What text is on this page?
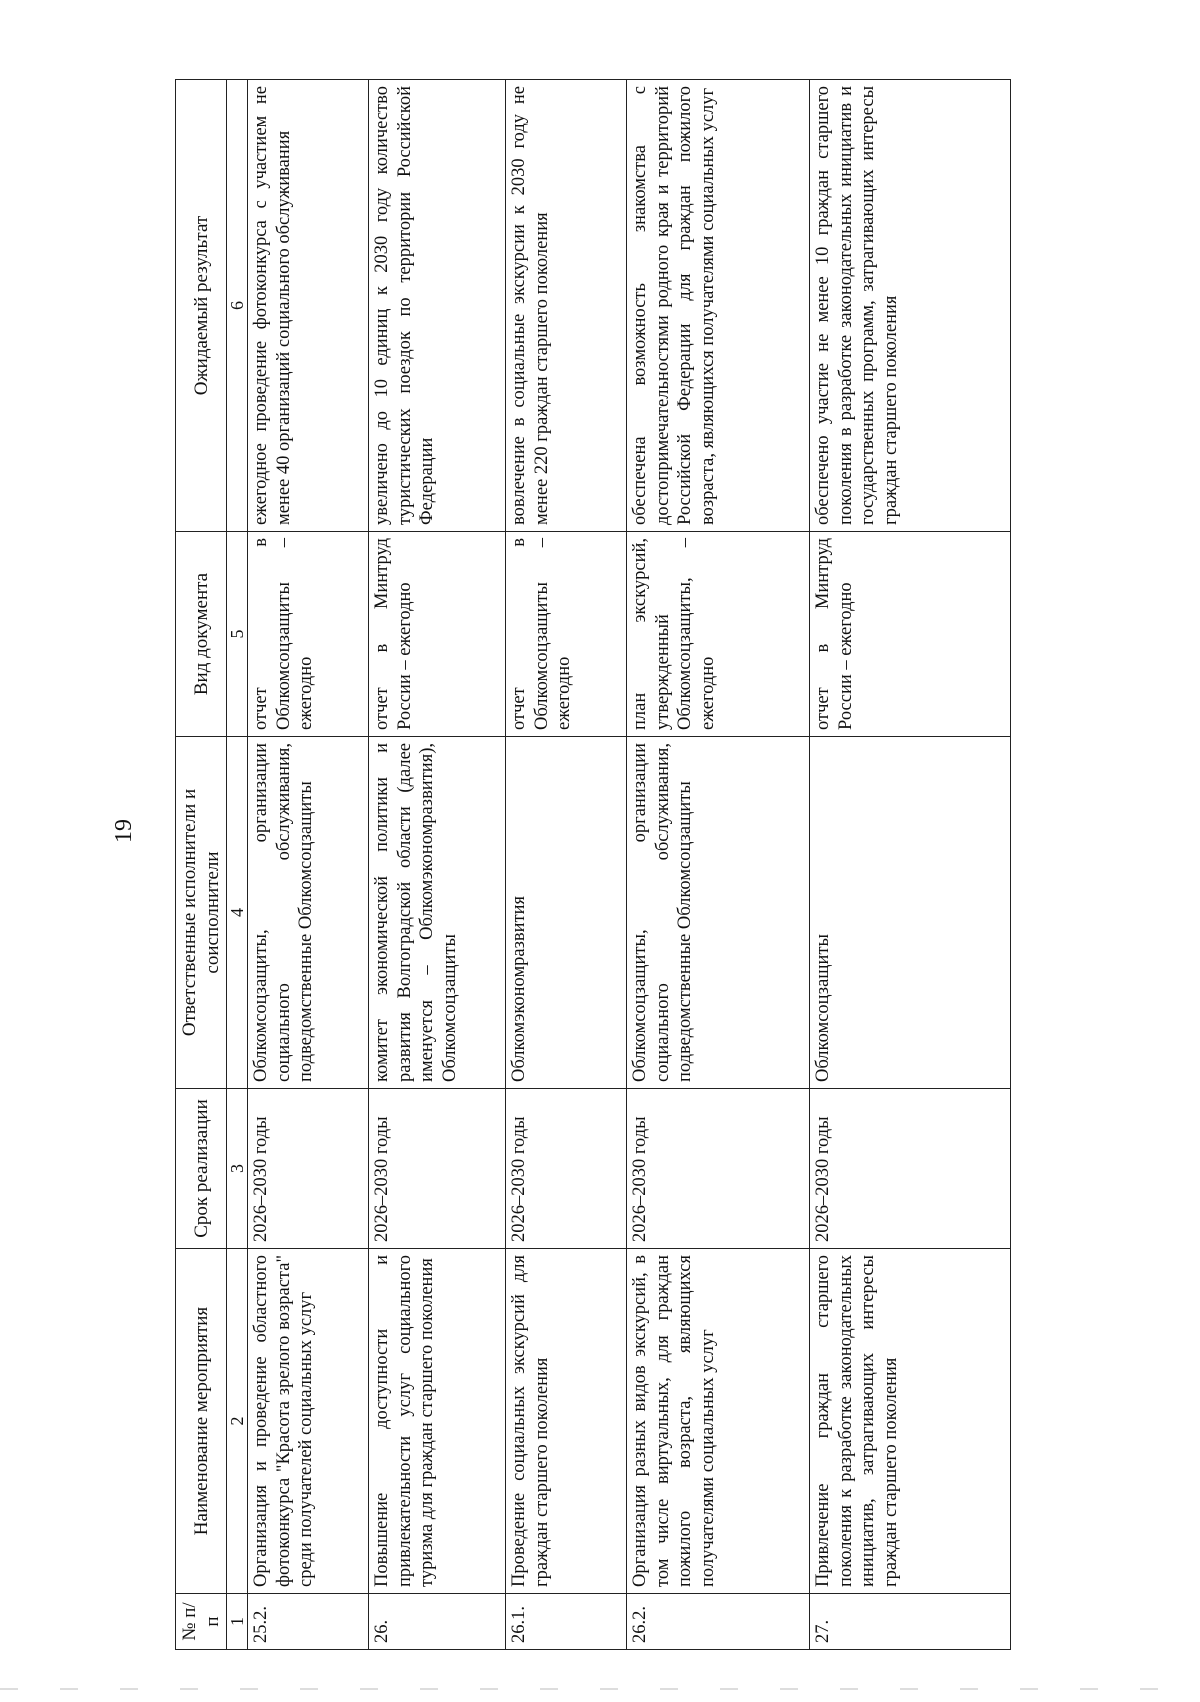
19
№ п/п	Наименование мероприятия	Срок реализации	Ответственные исполнители и соисполнители	Вид документа	Ожидаемый результат
1	2	3	4	5	6
25.2.	Организация и проведение областного фотоконкурса "Красота зрелого возраста" среди получателей социальных услуг	2026–2030 годы	Облкомсоцзащиты, организации социального обслуживания, подведомственные Облкомсоцзащиты	отчет в Облкомсоцзащиты – ежегодно	ежегодное проведение фотоконкурса с участием не менее 40 организаций социального обслуживания
26.	Повышение доступности и привлекательности услуг социального туризма для граждан старшего поколения	2026–2030 годы	комитет экономической политики и развития Волгоградской области (далее именуется – Облкомэкономразвития), Облкомсоцзащиты	отчет в Минтруд России – ежегодно	увеличено до 10 единиц к 2030 году количество туристических поездок по территории Российской Федерации
26.1.	Проведение социальных экскурсий для граждан старшего поколения	2026–2030 годы	Облкомэкономразвития	отчет в Облкомсоцзащиты – ежегодно	вовлечение в социальные экскурсии к 2030 году не менее 220 граждан старшего поколения
26.2.	Организация разных видов экскурсий, в том числе виртуальных, для граждан пожилого возраста, являющихся получателями социальных услуг	2026–2030 годы	Облкомсоцзащиты, организации социального обслуживания, подведомственные Облкомсоцзащиты	план экскурсий, утвержденный Облкомсоцзащиты, – ежегодно	обеспечена возможность знакомства с достопримечательностями родного края и территорий Российской Федерации для граждан пожилого возраста, являющихся получателями социальных услуг
27.	Привлечение граждан старшего поколения к разработке законодательных инициатив, затрагивающих интересы граждан старшего поколения	2026–2030 годы	Облкомсоцзащиты	отчет в Минтруд России – ежегодно	обеспечено участие не менее 10 граждан старшего поколения в разработке законодательных инициатив и государственных программ, затрагивающих интересы граждан старшего поколения
